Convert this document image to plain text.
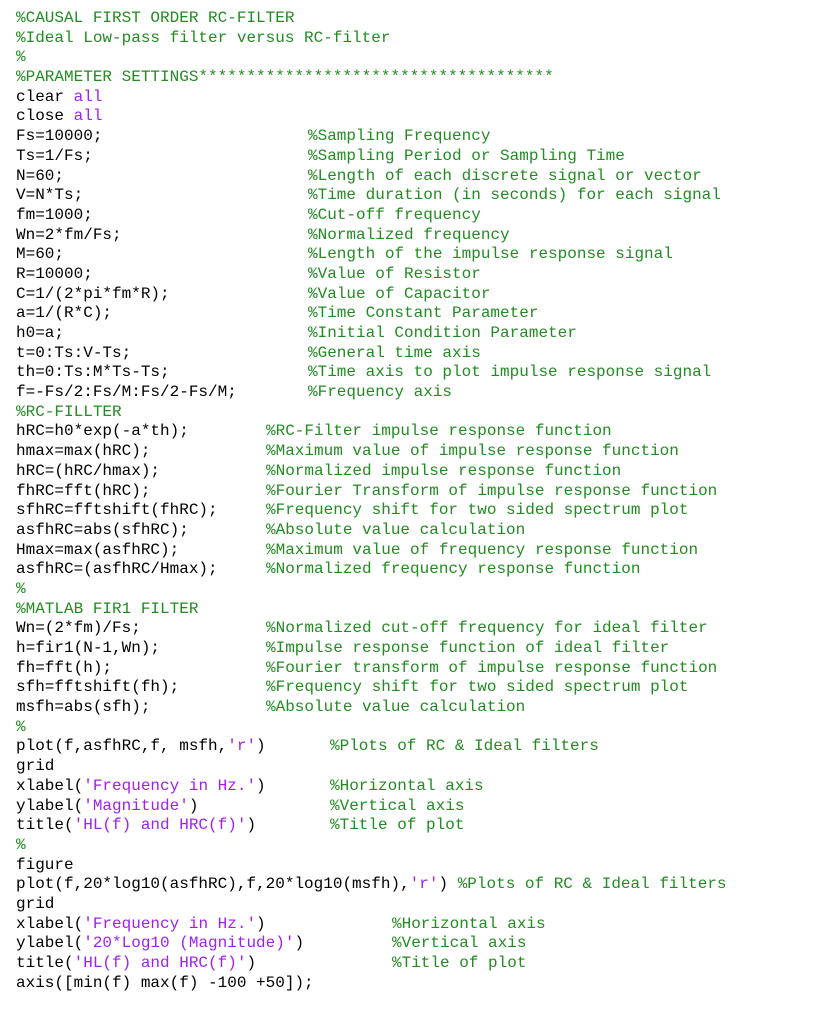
%CAUSAL FIRST ORDER RC-FILTER
%Ideal Low-pass filter versus RC-filter
%
%PARAMETER SETTINGS*************************************
clear all
close all
Fs=10000;	%Sampling Frequency
Ts=1/Fs;	%Sampling Period or Sampling Time
N=60;	%Length of each discrete signal or vector
V=N*Ts;	%Time duration (in seconds) for each signal
fm=1000;	%Cut-off frequency
Wn=2*fm/Fs;	%Normalized frequency
M=60;	%Length of the impulse response signal
R=10000;	%Value of Resistor
C=1/(2*pi*fm*R);	%Value of Capacitor
a=1/(R*C);	%Time Constant Parameter
h0=a;	%Initial Condition Parameter
t=0:Ts:V-Ts;	%General time axis
th=0:Ts:M*Ts-Ts;	%Time axis to plot impulse response signal
f=-Fs/2:Fs/M:Fs/2-Fs/M;	%Frequency axis
%RC-FILLTER
hRC=h0*exp(-a*th);	%RC-Filter impulse response function
hmax=max(hRC);	%Maximum value of impulse response function
hRC=(hRC/hmax);	%Normalized impulse response function
fhRC=fft(hRC);	%Fourier Transform of impulse response function
sfhRC=fftshift(fhRC);	%Frequency shift for two sided spectrum plot
asfhRC=abs(sfhRC);	%Absolute value calculation
Hmax=max(asfhRC);	%Maximum value of frequency response function
asfhRC=(asfhRC/Hmax);	%Normalized frequency response function
%
%MATLAB FIR1 FILTER
Wn=(2*fm)/Fs;	%Normalized cut-off frequency for ideal filter
h=fir1(N-1,Wn);	%Impulse response function of ideal filter
fh=fft(h);	%Fourier transform of impulse response function
sfh=fftshift(fh);	%Frequency shift for two sided spectrum plot
msfh=abs(sfh);	%Absolute value calculation
%
plot(f,asfhRC,f, msfh,'r')	%Plots of RC & Ideal filters
grid
xlabel('Frequency in Hz.')	%Horizontal axis
ylabel('Magnitude')	%Vertical axis
title('HL(f) and HRC(f)')	%Title of plot
%
figure
plot(f,20*log10(asfhRC),f,20*log10(msfh),'r') %Plots of RC & Ideal filters
grid
xlabel('Frequency in Hz.')	%Horizontal axis
ylabel('20*Log10 (Magnitude)')	%Vertical axis
title('HL(f) and HRC(f)')	%Title of plot
axis([min(f) max(f) -100 +50]);
